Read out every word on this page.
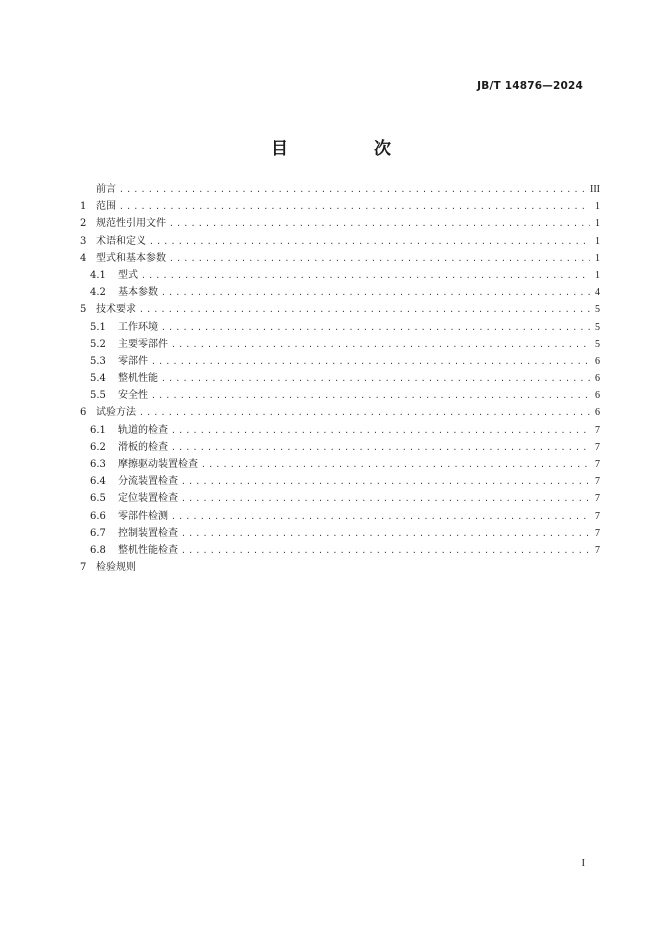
JB/T 14876—2024
目 次
前言 .....	III
1 范围 .....	1
2 规范性引用文件 .....	1
3 术语和定义 .....	1
4 型式和基本参数 .....	1
4.1	型式 .....	1
4.2	基本参数 .....	4
5 技术要求 .....	5
5.1	工作环境 .....	5
5.2	主要零部件 .....	5
5.3	零部件 .....	6
5.4	整机性能 .....	6
5.5	安全性 .....	6
6 试验方法 .....	6
6.1	轨道的检查 .....	7
6.2	滑板的检查 .....	7
6.3	摩擦驱动装置检查 .....	7
6.4	分流装置检查 .....	7
6.5	定位装置检查 .....	7
6.6	零部件检测 .....	7
6.7	控制装置检查 .....	7
6.8	整机性能检查 .....	7
7 检验规则
I
